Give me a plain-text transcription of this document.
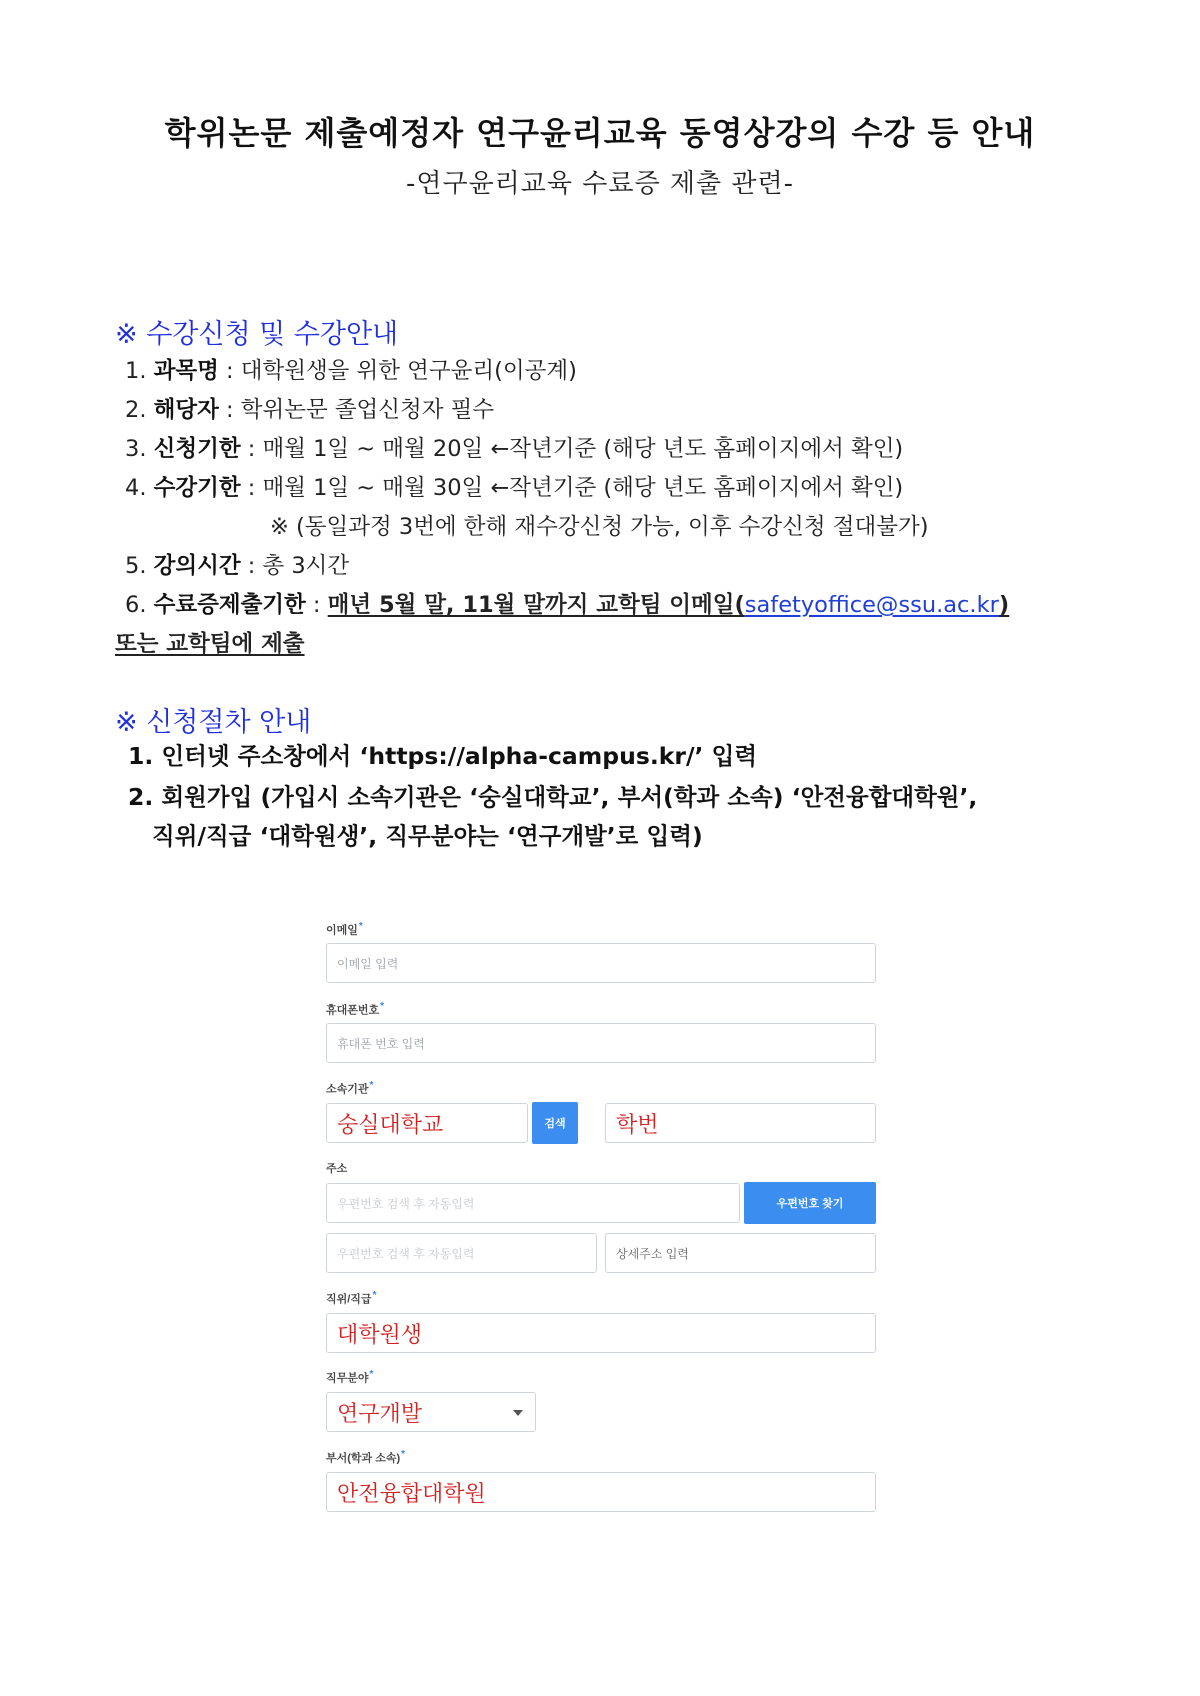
학위논문 제출예정자 연구윤리교육 동영상강의 수강 등 안내
-연구윤리교육 수료증 제출 관련-
※ 수강신청 및 수강안내
1. 과목명 : 대학원생을 위한 연구윤리(이공계)
2. 해당자 : 학위논문 졸업신청자 필수
3. 신청기한 : 매월 1일 ~ 매월 20일 ←작년기준 (해당 년도 홈페이지에서 확인)
4. 수강기한 : 매월 1일 ~ 매월 30일 ←작년기준 (해당 년도 홈페이지에서 확인)
※ (동일과정 3번에 한해 재수강신청 가능, 이후 수강신청 절대불가)
5. 강의시간 : 총 3시간
6. 수료증제출기한 : 매년 5월 말, 11월 말까지 교학팀 이메일(safetyoffice@ssu.ac.kr)
또는 교학팀에 제출
※ 신청절차 안내
1. 인터넷 주소창에서 ‘https://alpha-campus.kr/’ 입력
2. 회원가입 (가입시 소속기관은 ‘숭실대학교’, 부서(학과 소속) ‘안전융합대학원’,
직위/직급 ‘대학원생’, 직무분야는 ‘연구개발’로 입력)
이메일*
이메일 입력
휴대폰번호*
휴대폰 번호 입력
소속기관*
숭실대학교	검색	학번
주소
우편번호 검색 후 자동입력	우편번호 찾기
우편번호 검색 후 자동입력	상세주소 입력
직위/직급*
대학원생
직무분야*
연구개발
부서(학과 소속)*
안전융합대학원
